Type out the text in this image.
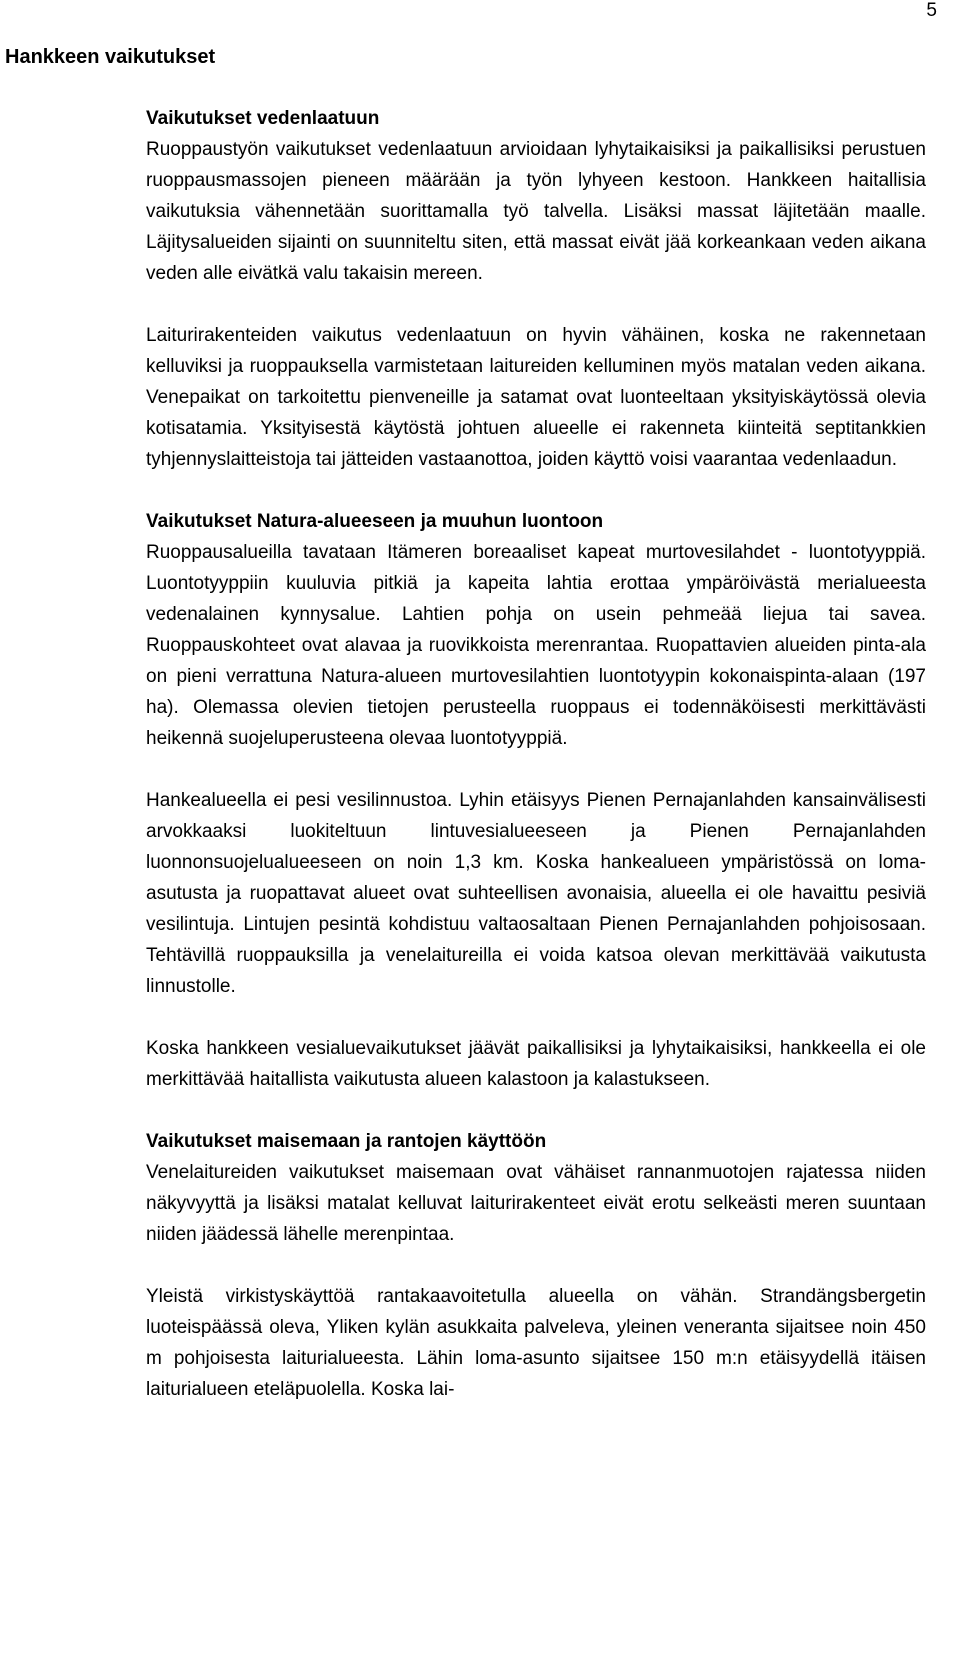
5
Hankkeen vaikutukset
Vaikutukset vedenlaatuun

Ruoppaustyön vaikutukset vedenlaatuun arvioidaan lyhytaikaisiksi ja paikallisiksi perustuen ruoppausmassojen pieneen määrään ja työn lyhyeen kestoon. Hankkeen haitallisia vaikutuksia vähennetään suorittamalla työ talvella. Lisäksi massat läjitetään maalle. Läjitysalueiden sijainti on suunniteltu siten, että massat eivät jää korkeankaan veden aikana veden alle eivätkä valu takaisin mereen.

Laiturirakenteiden vaikutus vedenlaatuun on hyvin vähäinen, koska ne rakennetaan kelluviksi ja ruoppauksella varmistetaan laitureiden kelluminen myös matalan veden aikana. Venepaikat on tarkoitettu pienveneille ja satamat ovat luonteeltaan yksityiskäytössä olevia kotisatamia. Yksityisestä käytöstä johtuen alueelle ei rakenneta kiinteitä septitankkien tyhjennyslaitteistoja tai jätteiden vastaanottoa, joiden käyttö voisi vaarantaa vedenlaadun.

Vaikutukset Natura-alueeseen ja muuhun luontoon

Ruoppausalueilla tavataan Itämeren boreaaliset kapeat murtovesilahdet - luontotyyppiä. Luontotyyppiin kuuluvia pitkiä ja kapeita lahtia erottaa ympäröivästä merialueesta vedenalainen kynnysalue. Lahtien pohja on usein pehmeää liejua tai savea. Ruoppauskohteet ovat alavaa ja ruovikkoista merenrantaa. Ruopattavien alueiden pinta-ala on pieni verrattuna Natura-alueen murtovesilahtien luontotyypin kokonaispinta-alaan (197 ha). Olemassa olevien tietojen perusteella ruoppaus ei todennäköisesti merkittävästi heikennä suojeluperusteena olevaa luontotyyppiä.

Hankealueella ei pesi vesilinnustoa. Lyhin etäisyys Pienen Pernajanlahden kansainvälisesti arvokkaaksi luokiteltuun lintuvesialueeseen ja Pienen Pernajanlahden luonnonsuojelualueeseen on noin 1,3 km. Koska hankealueen ympäristössä on loma-asutusta ja ruopattavat alueet ovat suhteellisen avonaisia, alueella ei ole havaittu pesiviä vesilintuja. Lintujen pesintä kohdistuu valtaosaltaan Pienen Pernajanlahden pohjoisosaan. Tehtävillä ruoppauksilla ja venelaitureilla ei voida katsoa olevan merkittävää vaikutusta linnustolle.

Koska hankkeen vesialuevaikutukset jäävät paikallisiksi ja lyhytaikaisiksi, hankkeella ei ole merkittävää haitallista vaikutusta alueen kalastoon ja kalastukseen.

Vaikutukset maisemaan ja rantojen käyttöön

Venelaitureiden vaikutukset maisemaan ovat vähäiset rannanmuotojen rajatessa niiden näkyvyyttä ja lisäksi matalat kelluvat laiturirakenteet eivät erotu selkeästi meren suuntaan niiden jäädessä lähelle merenpintaa.

Yleistä virkistyskäyttöä rantakaavoitetulla alueella on vähän. Strandängsbergetin luoteispäässä oleva, Yliken kylän asukkaita palveleva, yleinen veneranta sijaitsee noin 450 m pohjoisesta laiturialueesta. Lähin loma-asunto sijaitsee 150 m:n etäisyydellä itäisen laiturialueen eteläpuolella. Koska lai-
